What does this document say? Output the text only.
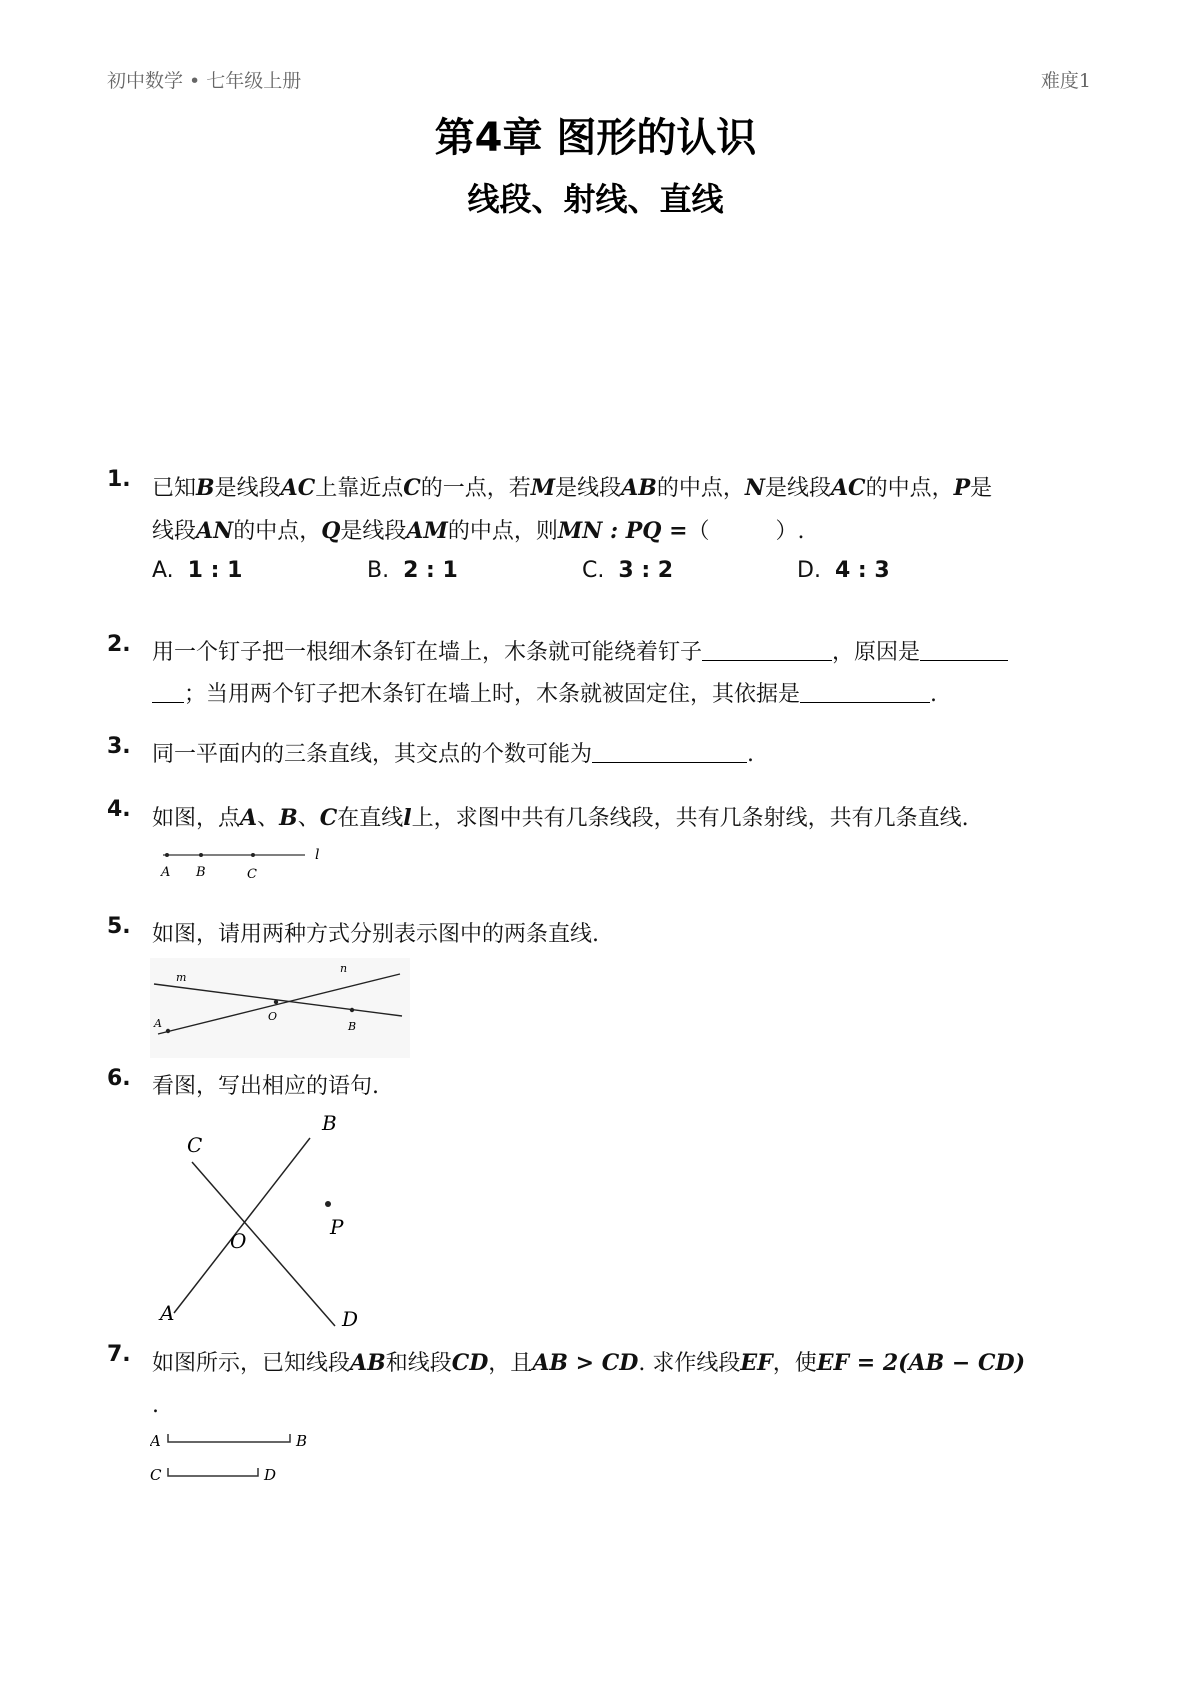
初中数学 • 七年级上册	难度1
第4章 图形的认识
线段、射线、直线
1. 已知B是线段AC上靠近点C的一点，若M是线段AB的中点，N是线段AC的中点，P是

线段AN的中点，Q是线段AM的中点，则MN : PQ =（　　　）.

A. 1 : 1	B. 2 : 1	C. 3 : 2	D. 4 : 3
2. 用一个钉子把一根细木条钉在墙上，木条就可能绕着钉子	，原因是

；当用两个钉子把木条钉在墙上时，木条就被固定住，其依据是	.

3. 同一平面内的三条直线，其交点的个数可能为	.

4. 如图，点A、B、C在直线l上，求图中共有几条线段，共有几条射线，共有几条直线.

A B	C
l
5. 如图，请用两种方式分别表示图中的两条直线.

m
n
A
O
B
6. 看图，写出相应的语句.

A
B
C
D
O
P
7. 如图所示，已知线段AB和线段CD，且AB > CD. 求作线段EF，使EF = 2(AB − CD)

.

A	B
C	D
